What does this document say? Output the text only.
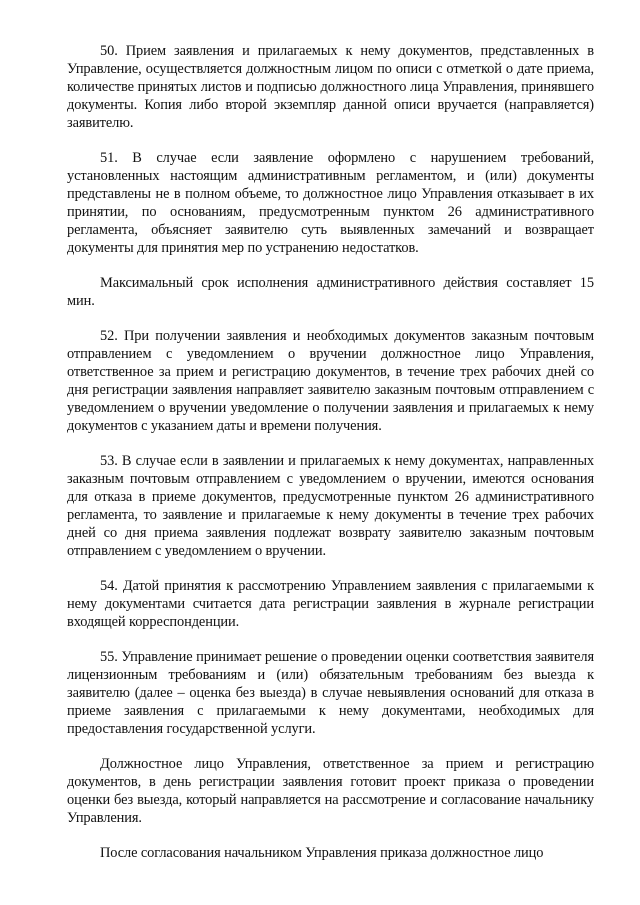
50. Прием заявления и прилагаемых к нему документов, представленных в Управление, осуществляется должностным лицом по описи с отметкой о дате приема, количестве принятых листов и подписью должностного лица Управления, принявшего документы. Копия либо второй экземпляр данной описи вручается (направляется) заявителю.

51. В случае если заявление оформлено с нарушением требований, установленных настоящим административным регламентом, и (или) документы представлены не в полном объеме, то должностное лицо Управления отказывает в их принятии, по основаниям, предусмотренным пунктом 26 административного регламента, объясняет заявителю суть выявленных замечаний и возвращает документы для принятия мер по устранению недостатков.

Максимальный срок исполнения административного действия составляет 15 мин.

52. При получении заявления и необходимых документов заказным почтовым отправлением с уведомлением о вручении должностное лицо Управления, ответственное за прием и регистрацию документов, в течение трех рабочих дней со дня регистрации заявления направляет заявителю заказным почтовым отправлением с уведомлением о вручении уведомление о получении заявления и прилагаемых к нему документов с указанием даты и времени получения.

53. В случае если в заявлении и прилагаемых к нему документах, направленных заказным почтовым отправлением с уведомлением о вручении, имеются основания для отказа в приеме документов, предусмотренные пунктом 26 административного регламента, то заявление и прилагаемые к нему документы в течение трех рабочих дней со дня приема заявления подлежат возврату заявителю заказным почтовым отправлением с уведомлением о вручении.

54. Датой принятия к рассмотрению Управлением заявления с прилагаемыми к нему документами считается дата регистрации заявления в журнале регистрации входящей корреспонденции.

55. Управление принимает решение о проведении оценки соответствия заявителя лицензионным требованиям и (или) обязательным требованиям без выезда к заявителю (далее – оценка без выезда) в случае невыявления оснований для отказа в приеме заявления с прилагаемыми к нему документами, необходимых для предоставления государственной услуги.

Должностное лицо Управления, ответственное за прием и регистрацию документов, в день регистрации заявления готовит проект приказа о проведении оценки без выезда, который направляется на рассмотрение и согласование начальнику Управления.

После согласования начальником Управления приказа должностное лицо
